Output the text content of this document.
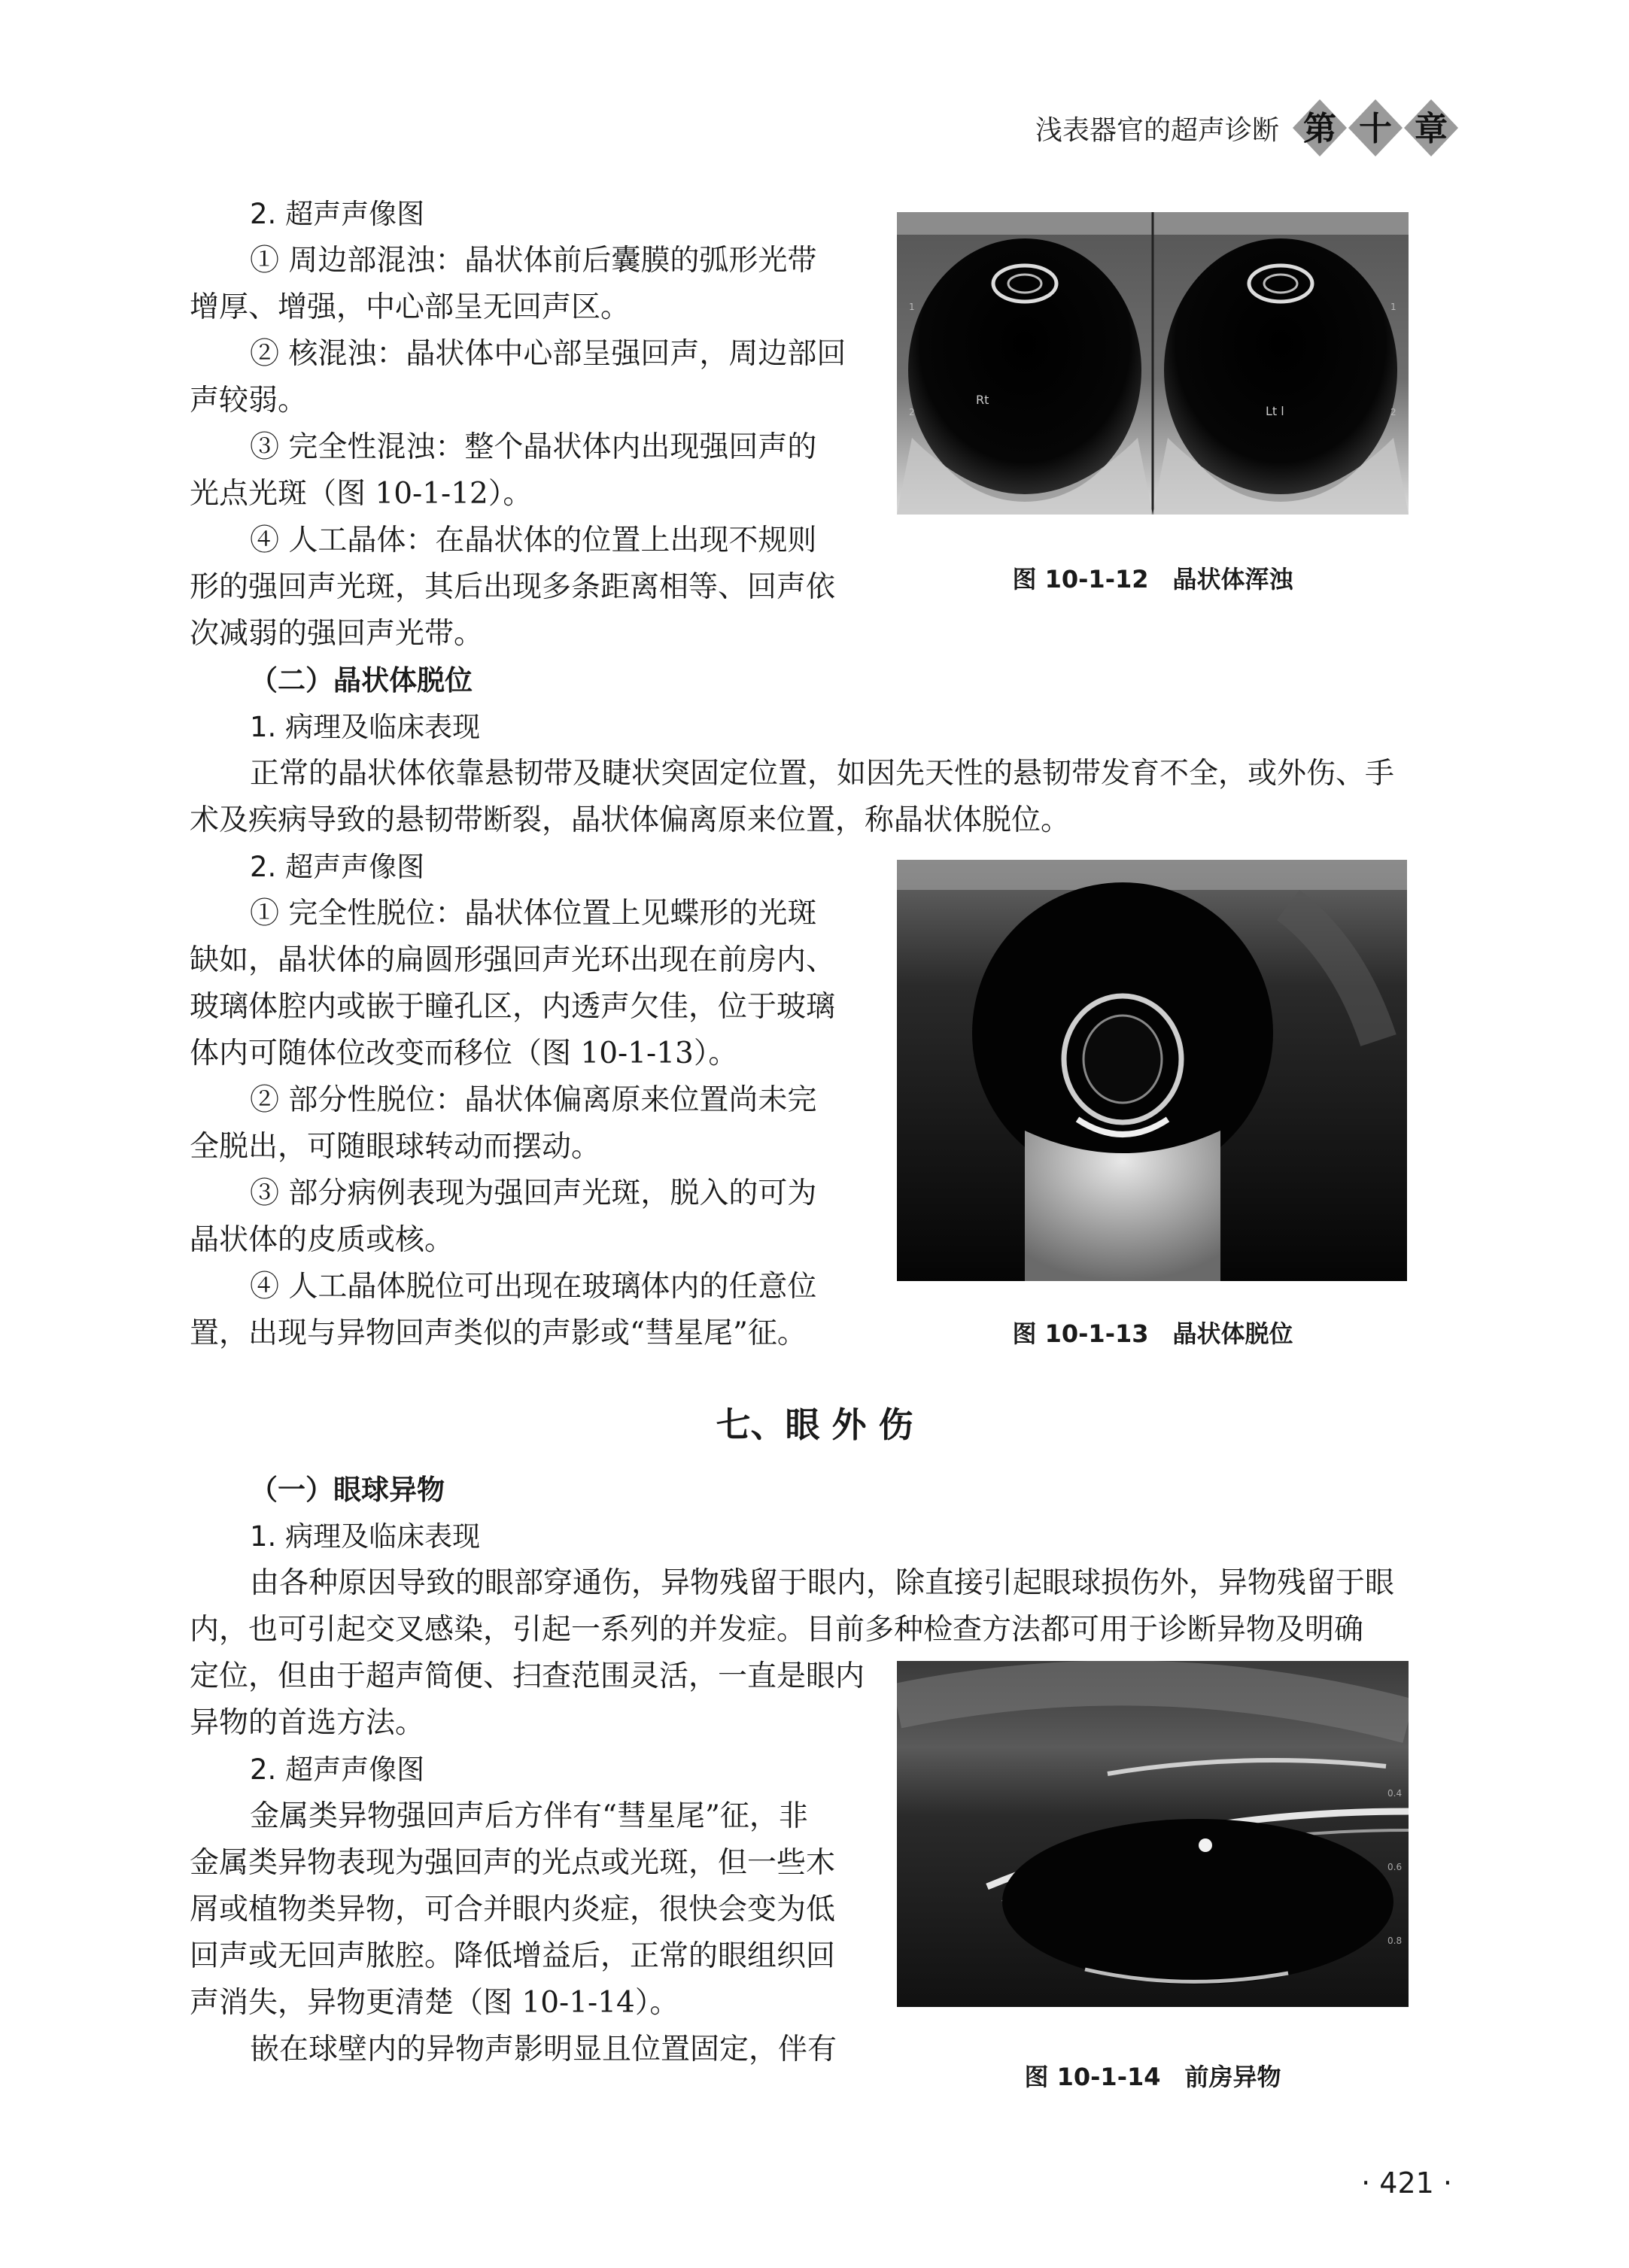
浅表器官的超声诊断 第 十 章
2. 超声声像图
① 周边部混浊：晶状体前后囊膜的弧形光带
增厚、增强，中心部呈无回声区。
② 核混浊：晶状体中心部呈强回声，周边部回
声较弱。
③ 完全性混浊：整个晶状体内出现强回声的
光点光斑（图 10-1-12）。
④ 人工晶体：在晶状体的位置上出现不规则
形的强回声光斑，其后出现多条距离相等、回声依
次减弱的强回声光带。
（二）晶状体脱位
1. 病理及临床表现
正常的晶状体依靠悬韧带及睫状突固定位置，如因先天性的悬韧带发育不全，或外伤、手
术及疾病导致的悬韧带断裂，晶状体偏离原来位置，称晶状体脱位。
2. 超声声像图
① 完全性脱位：晶状体位置上见蝶形的光斑
缺如，晶状体的扁圆形强回声光环出现在前房内、
玻璃体腔内或嵌于瞳孔区，内透声欠佳，位于玻璃
体内可随体位改变而移位（图 10-1-13）。
② 部分性脱位：晶状体偏离原来位置尚未完
全脱出，可随眼球转动而摆动。
③ 部分病例表现为强回声光斑，脱入的可为
晶状体的皮质或核。
④ 人工晶体脱位可出现在玻璃体内的任意位
置，出现与异物回声类似的声影或“彗星尾”征。
七、眼 外 伤
（一）眼球异物
1. 病理及临床表现
由各种原因导致的眼部穿通伤，异物残留于眼内，除直接引起眼球损伤外，异物残留于眼
内，也可引起交叉感染，引起一系列的并发症。目前多种检查方法都可用于诊断异物及明确
定位，但由于超声简便、扫查范围灵活，一直是眼内
异物的首选方法。
2. 超声声像图
金属类异物强回声后方伴有“彗星尾”征，非
金属类异物表现为强回声的光点或光斑，但一些木
屑或植物类异物，可合并眼内炎症，很快会变为低
回声或无回声脓腔。降低增益后，正常的眼组织回
声消失，异物更清楚（图 10-1-14）。
嵌在球壁内的异物声影明显且位置固定，伴有
Rt
Lt l
1
2
1
2
图 10-1-12　晶状体浑浊
图 10-1-13　晶状体脱位
0.4
0.6
0.8
图 10-1-14　前房异物
· 421 ·
